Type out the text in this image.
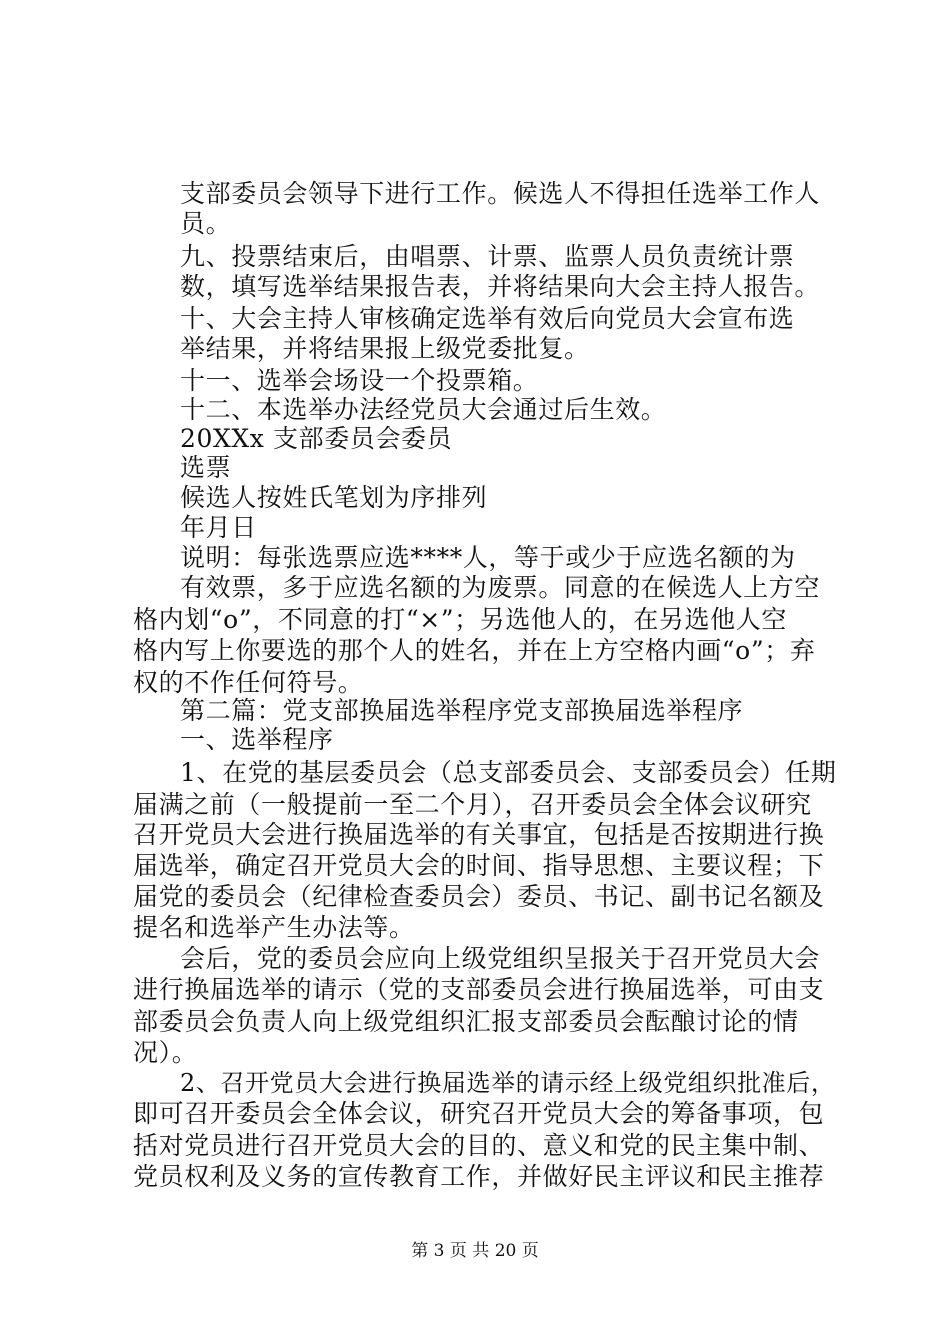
支部委员会领导下进行工作。候选人不得担任选举工作人
员。
九、投票结束后，由唱票、计票、监票人员负责统计票
数，填写选举结果报告表，并将结果向大会主持人报告。
十、大会主持人审核确定选举有效后向党员大会宣布选
举结果，并将结果报上级党委批复。
十一、选举会场设一个投票箱。
十二、本选举办法经党员大会通过后生效。
20XXx 支部委员会委员
选票
候选人按姓氏笔划为序排列
年月日
说明：每张选票应选****人，等于或少于应选名额的为
有效票，多于应选名额的为废票。同意的在候选人上方空
格内划“o”，不同意的打“×”；另选他人的，在另选他人空
格内写上你要选的那个人的姓名，并在上方空格内画“o”；弃
权的不作任何符号。
第二篇：党支部换届选举程序党支部换届选举程序
一、选举程序
1、在党的基层委员会（总支部委员会、支部委员会）任期
届满之前（一般提前一至二个月），召开委员会全体会议研究
召开党员大会进行换届选举的有关事宜，包括是否按期进行换
届选举，确定召开党员大会的时间、指导思想、主要议程；下
届党的委员会（纪律检查委员会）委员、书记、副书记名额及
提名和选举产生办法等。
会后，党的委员会应向上级党组织呈报关于召开党员大会
进行换届选举的请示（党的支部委员会进行换届选举，可由支
部委员会负责人向上级党组织汇报支部委员会酝酿讨论的情
况）。
2、召开党员大会进行换届选举的请示经上级党组织批准后，
即可召开委员会全体会议，研究召开党员大会的筹备事项，包
括对党员进行召开党员大会的目的、意义和党的民主集中制、
党员权利及义务的宣传教育工作，并做好民主评议和民主推荐
第 3 页 共 20 页
